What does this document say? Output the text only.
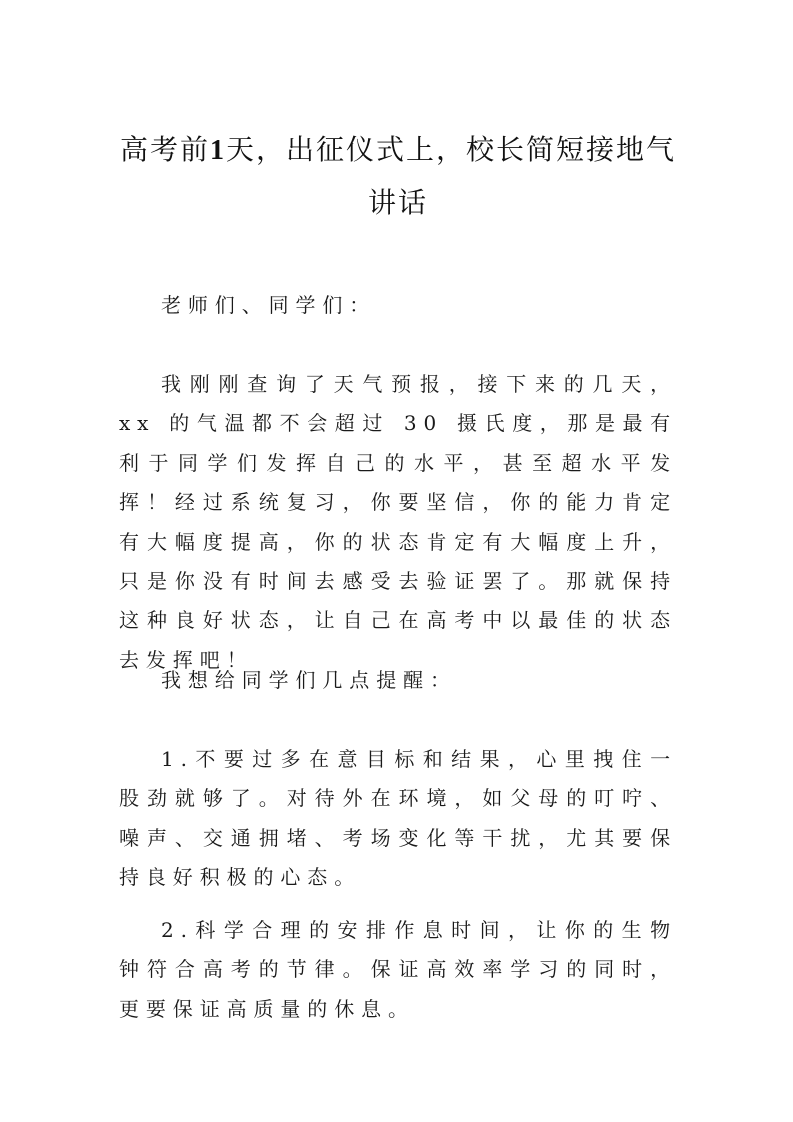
高考前1天，出征仪式上，校长简短接地气
讲话

老师们、同学们：

我刚刚查询了天气预报，接下来的几天，xx 的气温都不会超过 30 摄氏度，那是最有利于同学们发挥自己的水平，甚至超水平发挥！经过系统复习，你要坚信，你的能力肯定有大幅度提高，你的状态肯定有大幅度上升，只是你没有时间去感受去验证罢了。那就保持这种良好状态，让自己在高考中以最佳的状态去发挥吧！

我想给同学们几点提醒：

1.不要过多在意目标和结果，心里拽住一股劲就够了。对待外在环境，如父母的叮咛、噪声、交通拥堵、考场变化等干扰，尤其要保持良好积极的心态。

2.科学合理的安排作息时间，让你的生物钟符合高考的节律。保证高效率学习的同时，更要保证高质量的休息。
